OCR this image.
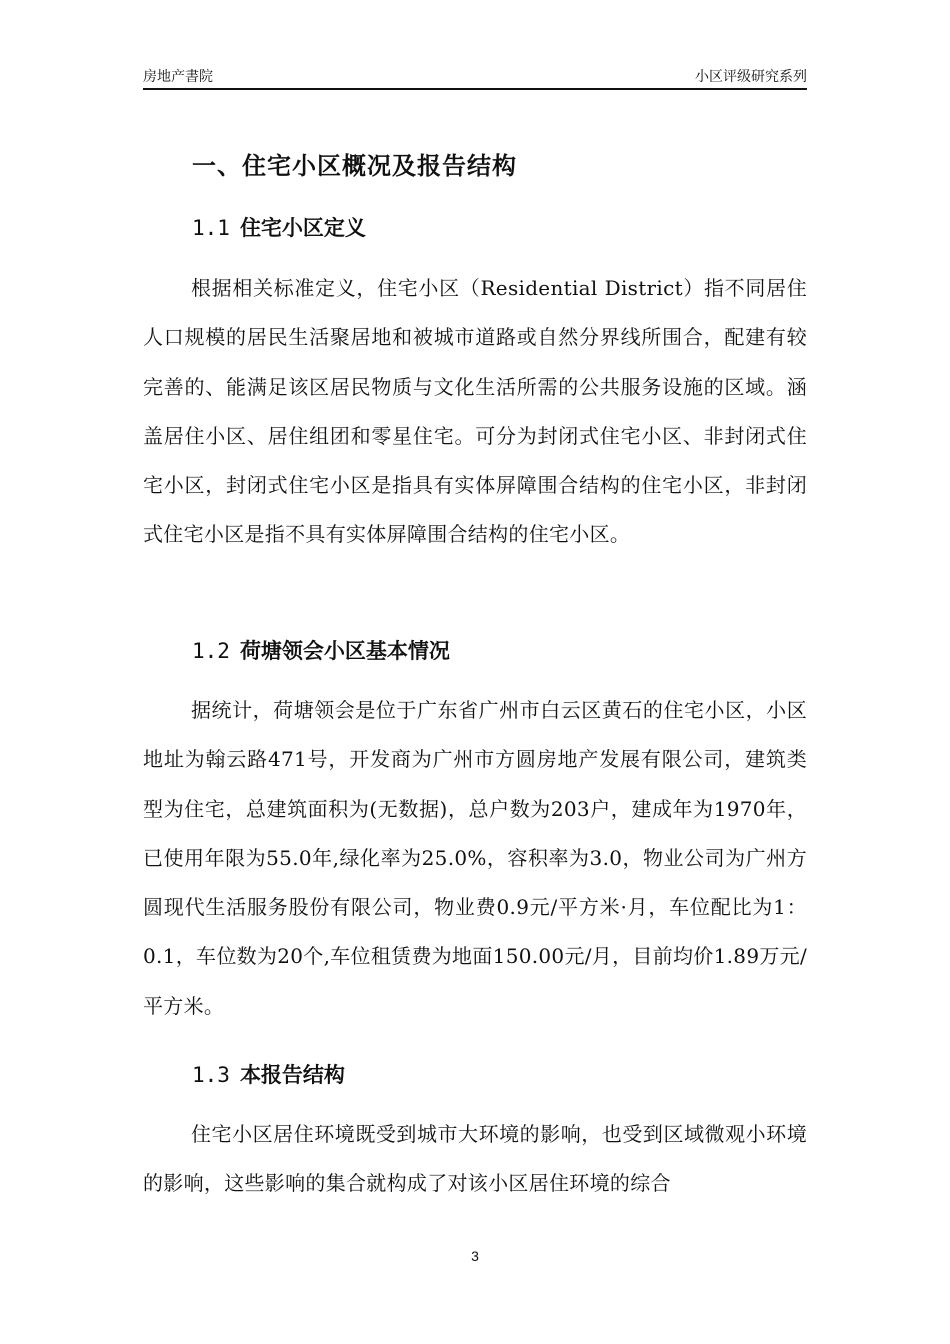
房地产書院	小区评级研究系列
一、住宅小区概况及报告结构
1.1 住宅小区定义
根据相关标准定义，住宅小区（Residential District）指不同居住人口规模的居民生活聚居地和被城市道路或自然分界线所围合，配建有较完善的、能满足该区居民物质与文化生活所需的公共服务设施的区域。涵盖居住小区、居住组团和零星住宅。可分为封闭式住宅小区、非封闭式住宅小区，封闭式住宅小区是指具有实体屏障围合结构的住宅小区，非封闭式住宅小区是指不具有实体屏障围合结构的住宅小区。
1.2 荷塘领会小区基本情况
据统计，荷塘领会是位于广东省广州市白云区黄石的住宅小区，小区地址为翰云路471号，开发商为广州市方圆房地产发展有限公司，建筑类型为住宅，总建筑面积为(无数据)，总户数为203户，建成年为1970年，已使用年限为55.0年,绿化率为25.0%，容积率为3.0，物业公司为广州方圆现代生活服务股份有限公司，物业费0.9元/平方米·月，车位配比为1：0.1，车位数为20个,车位租赁费为地面150.00元/月，目前均价1.89万元/平方米。
1.3 本报告结构
住宅小区居住环境既受到城市大环境的影响，也受到区域微观小环境的影响，这些影响的集合就构成了对该小区居住环境的综合
3
